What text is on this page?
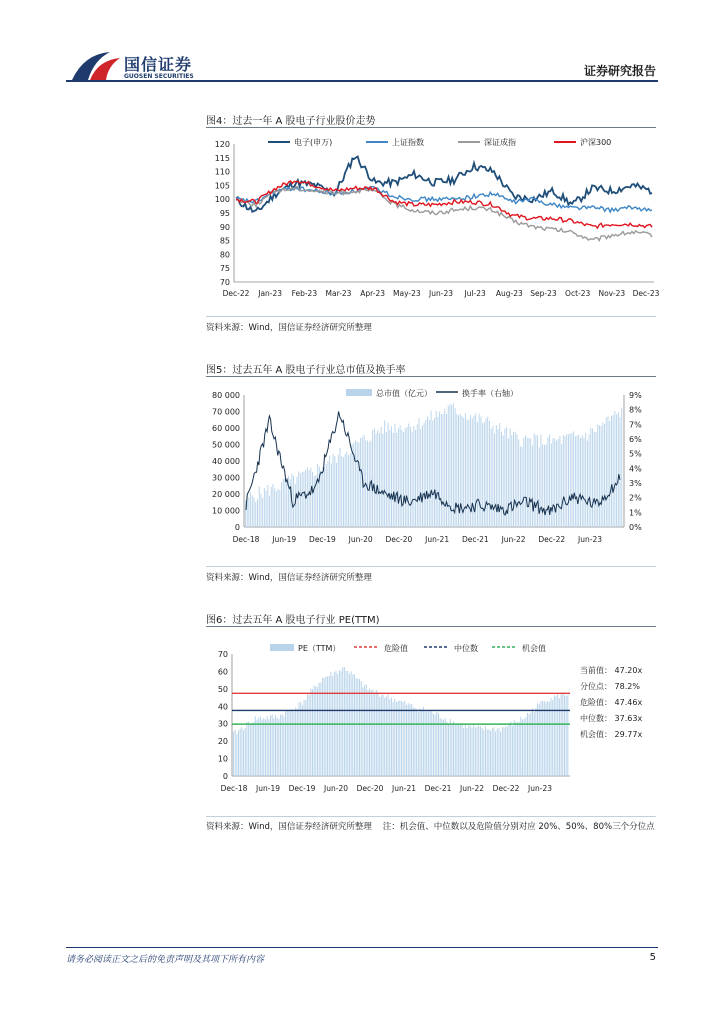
国信证券
GUOSEN SECURITIES	证券研究报告
图4：过去一年 A 股电子行业股价走势
120
115
110
105
100
95
90
85
80
75
70
Dec-22 Jan-23 Feb-23 Mar-23 Apr-23 May-23 Jun-23 Jul-23 Aug-23 Sep-23 Oct-23 Nov-23 Dec-23
电子(申万)	上证指数	深证成指	沪深300
资料来源：Wind，国信证券经济研究所整理
图5：过去五年 A 股电子行业总市值及换手率
80 000
70 000
60 000
50 000
40 000
30 000
20 000
10 000
0
9%
8%
7%
6%
5%
4%
3%
2%
1%
0%
Dec-18 Jun-19 Dec-19 Jun-20 Dec-20 Jun-21 Dec-21 Jun-22 Dec-22 Jun-23
总市值（亿元）	换手率（右轴）
资料来源：Wind，国信证券经济研究所整理
图6：过去五年 A 股电子行业 PE(TTM)
70
60
50
40
30
20
10
0
Dec-18 Jun-19 Dec-19 Jun-20 Dec-20 Jun-21 Dec-21 Jun-22 Dec-22 Jun-23
PE（TTM）	危险值	中位数	机会值
当前值： 47.20x
分位点： 78.2%
危险值： 47.46x
中位数： 37.63x
机会值： 29.77x
资料来源：Wind，国信证券经济研究所整理 注：机会值、中位数以及危险值分别对应 20%、50%、80%三个分位点
请务必阅读正文之后的免责声明及其项下所有内容	5
